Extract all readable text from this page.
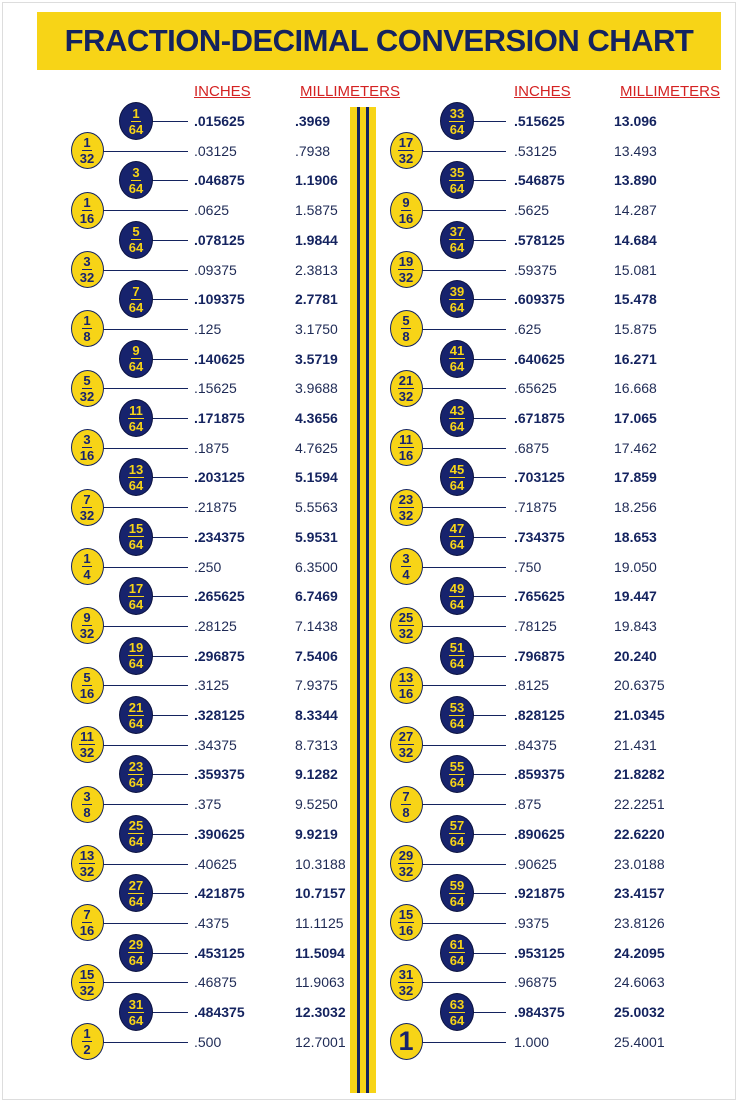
FRACTION-DECIMAL CONVERSION CHART
INCHES	MILLIMETERS	INCHES	MILLIMETERS
$\frac{1}{64}$	.015625	.3969
$\frac{1}{32}$	.03125	.7938
$\frac{3}{64}$	.046875	1.1906
$\frac{1}{16}$	.0625	1.5875
$\frac{5}{64}$	.078125	1.9844
$\frac{3}{32}$	.09375	2.3813
$\frac{7}{64}$	.109375	2.7781
$\frac{1}{8}$	.125	3.1750
$\frac{9}{64}$	.140625	3.5719
$\frac{5}{32}$	.15625	3.9688
$\frac{11}{64}$	.171875	4.3656
$\frac{3}{16}$	.1875	4.7625
$\frac{13}{64}$	.203125	5.1594
$\frac{7}{32}$	.21875	5.5563
$\frac{15}{64}$	.234375	5.9531
$\frac{1}{4}$	.250	6.3500
$\frac{17}{64}$	.265625	6.7469
$\frac{9}{32}$	.28125	7.1438
$\frac{19}{64}$	.296875	7.5406
$\frac{5}{16}$	.3125	7.9375
$\frac{21}{64}$	.328125	8.3344
$\frac{11}{32}$	.34375	8.7313
$\frac{23}{64}$	.359375	9.1282
$\frac{3}{8}$	.375	9.5250
$\frac{25}{64}$	.390625	9.9219
$\frac{13}{32}$	.40625	10.3188
$\frac{27}{64}$	.421875	10.7157
$\frac{7}{16}$	.4375	11.1125
$\frac{29}{64}$	.453125	11.5094
$\frac{15}{32}$	.46875	11.9063
$\frac{31}{64}$	.484375	12.3032
$\frac{1}{2}$	.500	12.7001
$\frac{33}{64}$	.515625	13.096
$\frac{17}{32}$	.53125	13.493
$\frac{35}{64}$	.546875	13.890
$\frac{9}{16}$	.5625	14.287
$\frac{37}{64}$	.578125	14.684
$\frac{19}{32}$	.59375	15.081
$\frac{39}{64}$	.609375	15.478
$\frac{5}{8}$	.625	15.875
$\frac{41}{64}$	.640625	16.271
$\frac{21}{32}$	.65625	16.668
$\frac{43}{64}$	.671875	17.065
$\frac{11}{16}$	.6875	17.462
$\frac{45}{64}$	.703125	17.859
$\frac{23}{32}$	.71875	18.256
$\frac{47}{64}$	.734375	18.653
$\frac{3}{4}$	.750	19.050
$\frac{49}{64}$	.765625	19.447
$\frac{25}{32}$	.78125	19.843
$\frac{51}{64}$	.796875	20.240
$\frac{13}{16}$	.8125	20.6375
$\frac{53}{64}$	.828125	21.0345
$\frac{27}{32}$	.84375	21.431
$\frac{55}{64}$	.859375	21.8282
$\frac{7}{8}$	.875	22.2251
$\frac{57}{64}$	.890625	22.6220
$\frac{29}{32}$	.90625	23.0188
$\frac{59}{64}$	.921875	23.4157
$\frac{15}{16}$	.9375	23.8126
$\frac{61}{64}$	.953125	24.2095
$\frac{31}{32}$	.96875	24.6063
$\frac{63}{64}$	.984375	25.0032
1	1.000	25.4001
